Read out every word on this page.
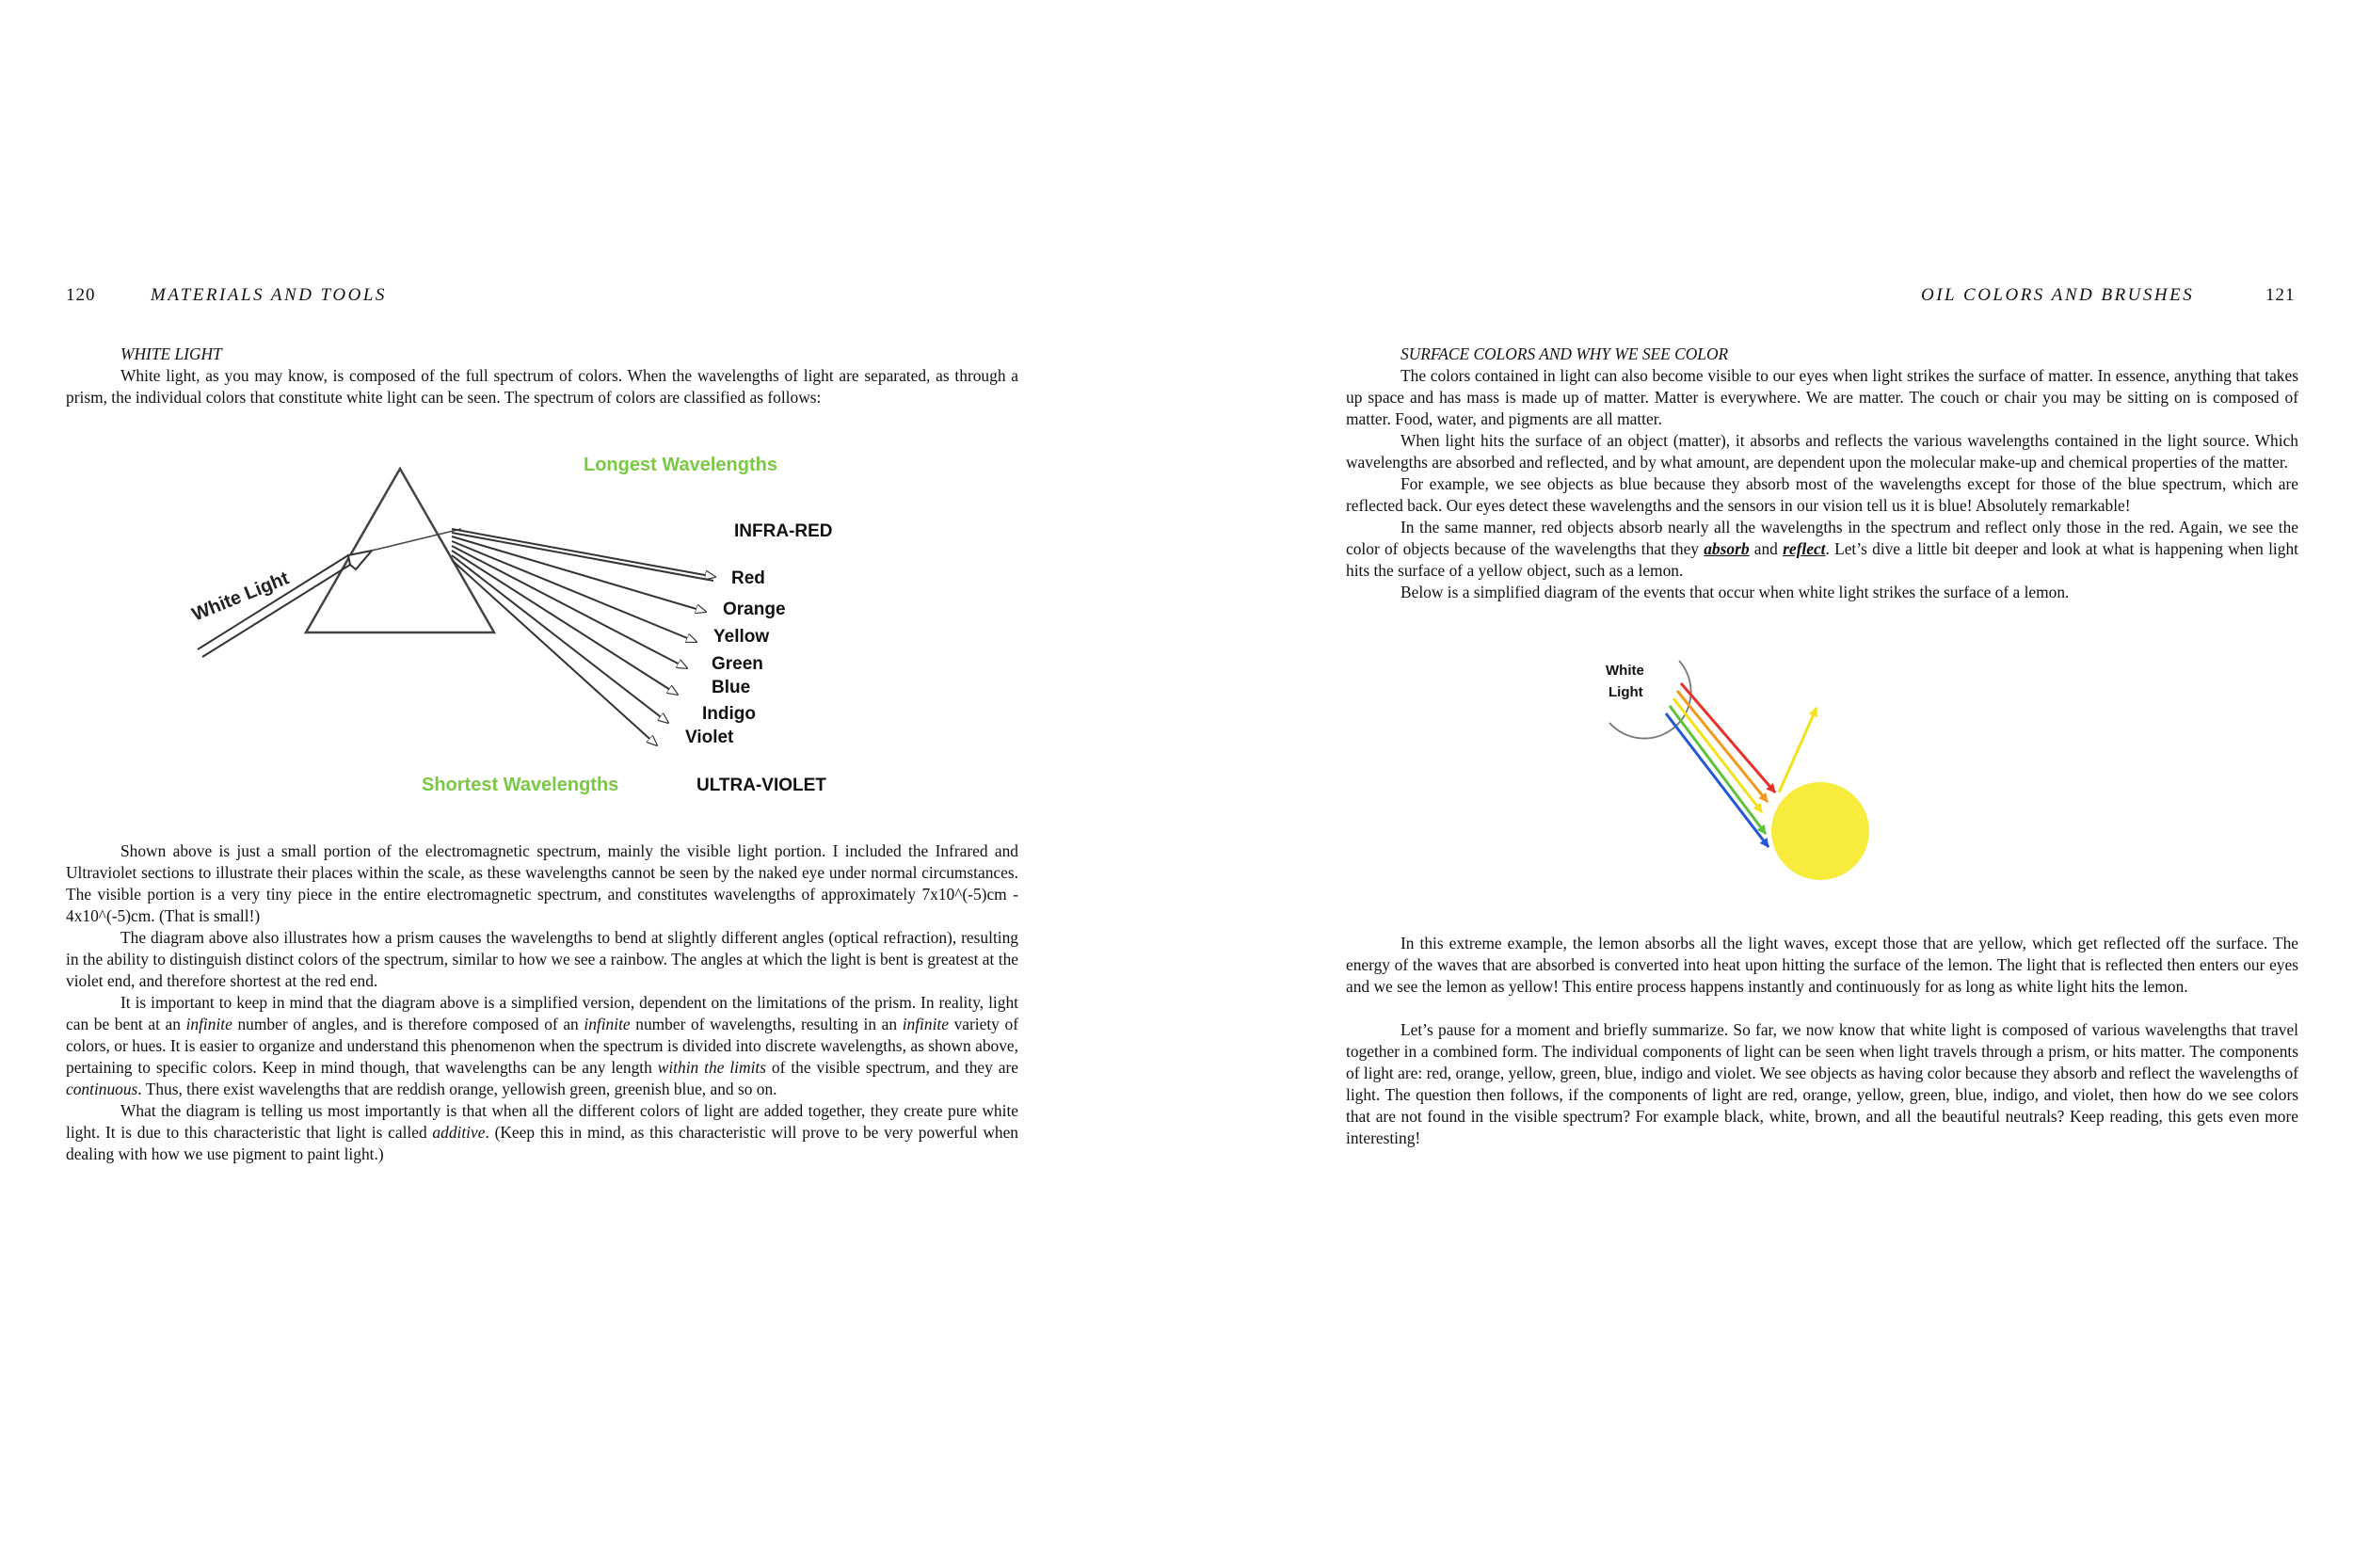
120	MATERIALS AND TOOLS

WHITE LIGHT

White light, as you may know, is composed of the full spectrum of colors. When the wavelengths of light are separated, as through a prism, the individual colors that constitute white light can be seen. The spectrum of colors are classified as follows:

White Light
Longest Wavelengths
INFRA-RED
Red
Orange
Yellow
Green
Blue
Indigo
Violet
Shortest Wavelengths	ULTRA-VIOLET

Shown above is just a small portion of the electromagnetic spectrum, mainly the visible light portion. I included the Infrared and Ultraviolet sections to illustrate their places within the scale, as these wavelengths cannot be seen by the naked eye under normal circumstances. The visible portion is a very tiny piece in the entire electromagnetic spectrum, and constitutes wavelengths of approximately 7x10^(-5)cm - 4x10^(-5)cm. (That is small!)

The diagram above also illustrates how a prism causes the wavelengths to bend at slightly different angles (optical refraction), resulting in the ability to distinguish distinct colors of the spectrum, similar to how we see a rainbow. The angles at which the light is bent is greatest at the violet end, and therefore shortest at the red end.

It is important to keep in mind that the diagram above is a simplified version, dependent on the limitations of the prism. In reality, light can be bent at an infinite number of angles, and is therefore composed of an infinite number of wavelengths, resulting in an infinite variety of colors, or hues. It is easier to organize and understand this phenomenon when the spectrum is divided into discrete wavelengths, as shown above, pertaining to specific colors. Keep in mind though, that wavelengths can be any length within the limits of the visible spectrum, and they are continuous. Thus, there exist wavelengths that are reddish orange, yellowish green, greenish blue, and so on.

What the diagram is telling us most importantly is that when all the different colors of light are added together, they create pure white light. It is due to this characteristic that light is called additive. (Keep this in mind, as this characteristic will prove to be very powerful when dealing with how we use pigment to paint light.)

OIL COLORS AND BRUSHES	121

SURFACE COLORS AND WHY WE SEE COLOR

The colors contained in light can also become visible to our eyes when light strikes the surface of matter. In essence, anything that takes up space and has mass is made up of matter. Matter is everywhere. We are matter. The couch or chair you may be sitting on is composed of matter. Food, water, and pigments are all matter.

When light hits the surface of an object (matter), it absorbs and reflects the various wavelengths contained in the light source. Which wavelengths are absorbed and reflected, and by what amount, are dependent upon the molecular make-up and chemical properties of the matter.

For example, we see objects as blue because they absorb most of the wavelengths except for those of the blue spectrum, which are reflected back. Our eyes detect these wavelengths and the sensors in our vision tell us it is blue! Absolutely remarkable!

In the same manner, red objects absorb nearly all the wavelengths in the spectrum and reflect only those in the red. Again, we see the color of objects because of the wavelengths that they absorb and reflect. Let’s dive a little bit deeper and look at what is happening when light hits the surface of a yellow object, such as a lemon.

Below is a simplified diagram of the events that occur when white light strikes the surface of a lemon.

White
Light

In this extreme example, the lemon absorbs all the light waves, except those that are yellow, which get reflected off the surface. The energy of the waves that are absorbed is converted into heat upon hitting the surface of the lemon. The light that is reflected then enters our eyes and we see the lemon as yellow! This entire process happens instantly and continuously for as long as white light hits the lemon.

Let’s pause for a moment and briefly summarize. So far, we now know that white light is composed of various wavelengths that travel together in a combined form. The individual components of light can be seen when light travels through a prism, or hits matter. The components of light are: red, orange, yellow, green, blue, indigo and violet. We see objects as having color because they absorb and reflect the wavelengths of light. The question then follows, if the components of light are red, orange, yellow, green, blue, indigo, and violet, then how do we see colors that are not found in the visible spectrum? For example black, white, brown, and all the beautiful neutrals? Keep reading, this gets even more interesting!
